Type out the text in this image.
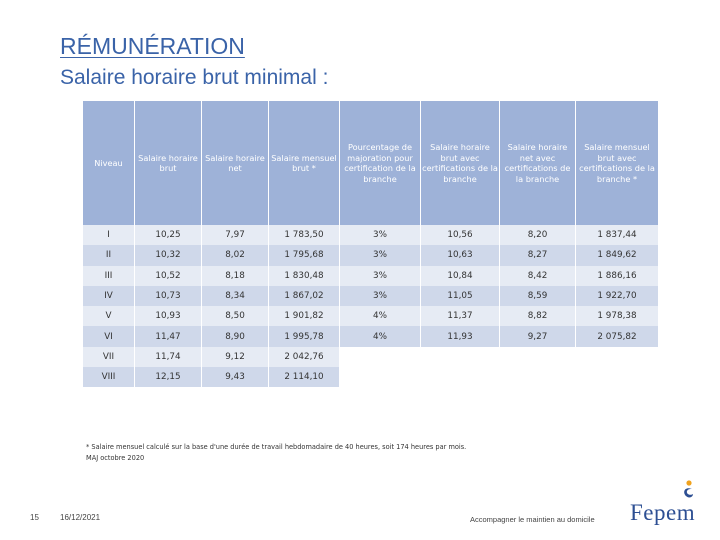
RÉMUNÉRATION
Salaire horaire brut minimal :
Niveau	Salaire horaire brut	Salaire horaire net	Salaire mensuel brut *	Pourcentage de majoration pour certification de la branche	Salaire horaire brut avec certifications de la branche	Salaire horaire net avec certifications de la branche	Salaire mensuel brut avec certifications de la branche *
I	10,25	7,97	1 783,50	3%	10,56	8,20	1 837,44
II	10,32	8,02	1 795,68	3%	10,63	8,27	1 849,62
III	10,52	8,18	1 830,48	3%	10,84	8,42	1 886,16
IV	10,73	8,34	1 867,02	3%	11,05	8,59	1 922,70
V	10,93	8,50	1 901,82	4%	11,37	8,82	1 978,38
VI	11,47	8,90	1 995,78	4%	11,93	9,27	2 075,82
VII	11,74	9,12	2 042,76				
VIII	12,15	9,43	2 114,10				
* Salaire mensuel calculé sur la base d'une durée de travail hebdomadaire de 40 heures, soit 174 heures par mois.
MAJ octobre 2020
15	16/12/2021	Accompagner le maintien au domicile Fepem
